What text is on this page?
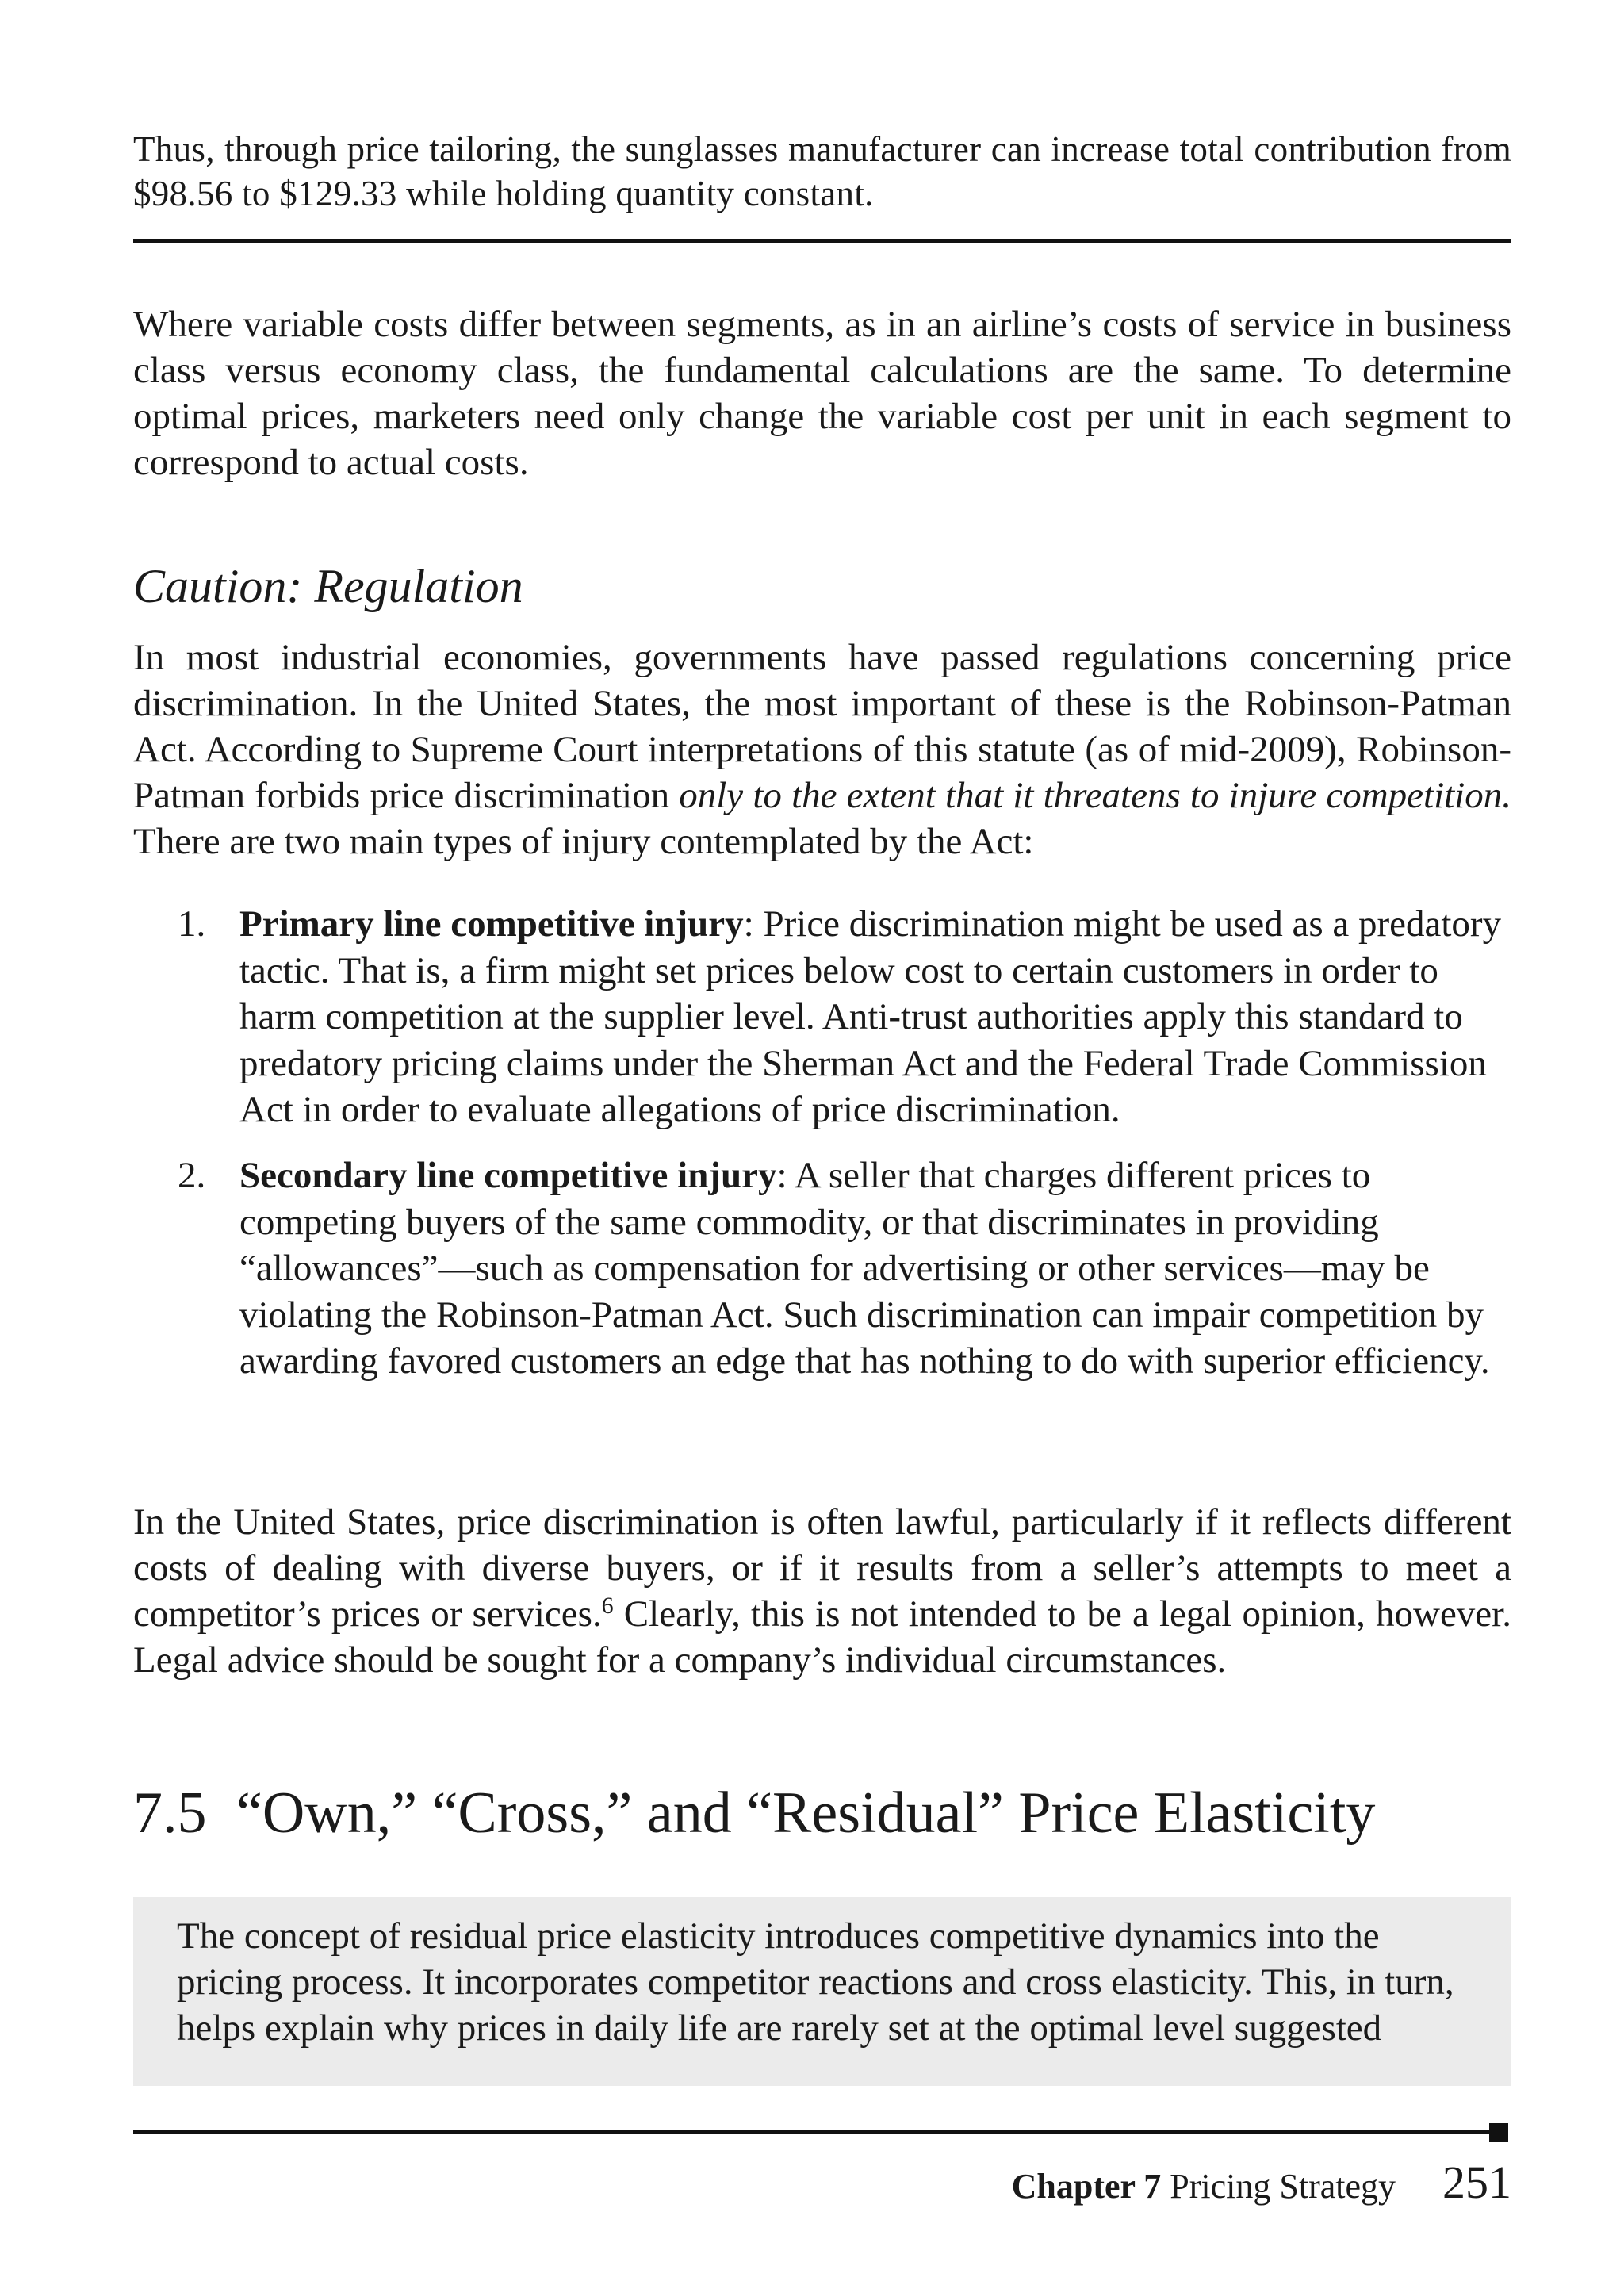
Thus, through price tailoring, the sunglasses manufacturer can increase total contribution from $98.56 to $129.33 while holding quantity constant.

Where variable costs differ between segments, as in an airline’s costs of service in business class versus economy class, the fundamental calculations are the same. To determine optimal prices, marketers need only change the variable cost per unit in each segment to correspond to actual costs.

Caution: Regulation

In most industrial economies, governments have passed regulations concerning price discrimination. In the United States, the most important of these is the Robinson-Patman Act. According to Supreme Court interpretations of this statute (as of mid-2009), Robinson-Patman forbids price discrimination only to the extent that it threatens to injure competition. There are two main types of injury contemplated by the Act:

1. Primary line competitive injury: Price discrimination might be used as a predatory tactic. That is, a firm might set prices below cost to certain customers in order to harm competition at the supplier level. Anti-trust authorities apply this standard to predatory pricing claims under the Sherman Act and the Federal Trade Commission Act in order to evaluate allegations of price discrimination.
2. Secondary line competitive injury: A seller that charges different prices to competing buyers of the same commodity, or that discriminates in providing “allowances”—such as compensation for advertising or other services—may be violating the Robinson-Patman Act. Such discrimination can impair competition by awarding favored customers an edge that has nothing to do with superior efficiency.

In the United States, price discrimination is often lawful, particularly if it reflects different costs of dealing with diverse buyers, or if it results from a seller’s attempts to meet a competitor’s prices or services.$^6$ Clearly, this is not intended to be a legal opinion, however. Legal advice should be sought for a company’s individual circumstances.

7.5 “Own,” “Cross,” and “Residual” Price Elasticity

The concept of residual price elasticity introduces competitive dynamics into the pricing process. It incorporates competitor reactions and cross elasticity. This, in turn, helps explain why prices in daily life are rarely set at the optimal level suggested

Chapter 7 Pricing Strategy 251
